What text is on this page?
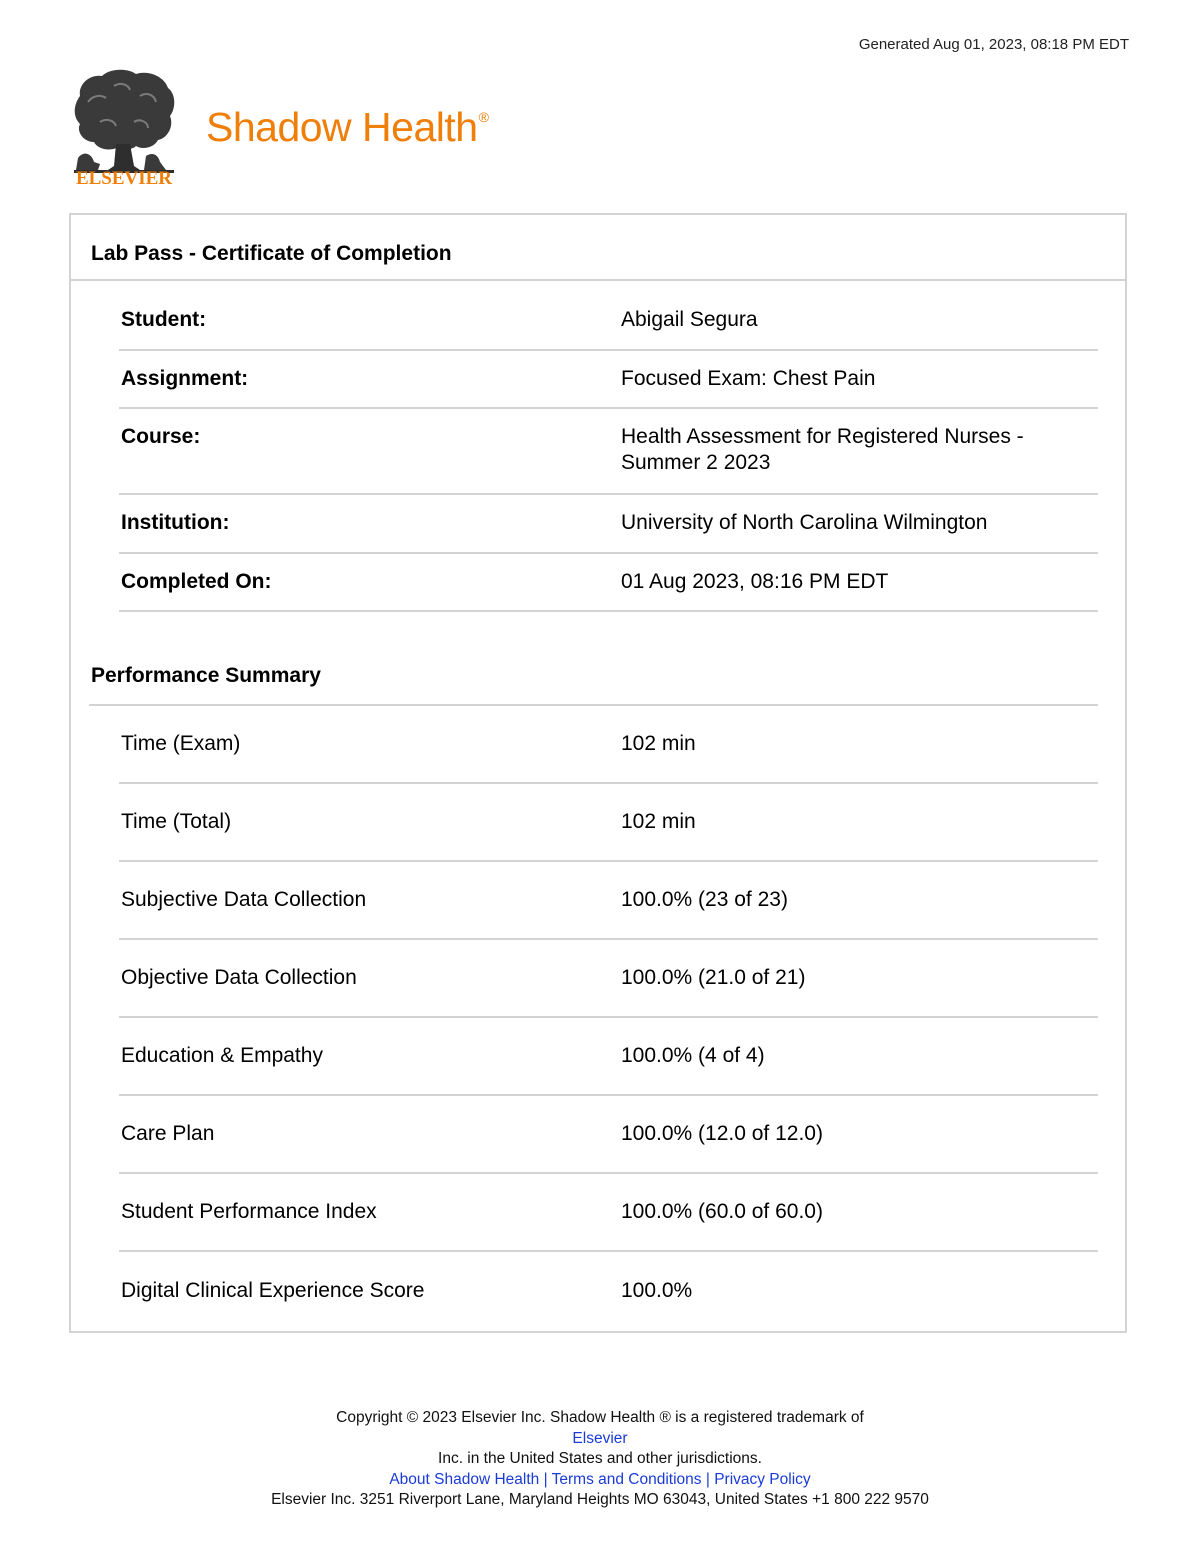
Generated Aug 01, 2023, 08:18 PM EDT
ELSEVIER
Shadow Health®
Lab Pass - Certificate of Completion
Student:	Abigail Segura
Assignment:	Focused Exam: Chest Pain
Course:	Health Assessment for Registered Nurses -
Summer 2 2023
Institution:	University of North Carolina Wilmington
Completed On:	01 Aug 2023, 08:16 PM EDT
Performance Summary
Time (Exam)	102 min
Time (Total)	102 min
Subjective Data Collection	100.0% (23 of 23)
Objective Data Collection	100.0% (21.0 of 21)
Education & Empathy	100.0% (4 of 4)
Care Plan	100.0% (12.0 of 12.0)
Student Performance Index	100.0% (60.0 of 60.0)
Digital Clinical Experience Score	100.0%
Copyright © 2023 Elsevier Inc. Shadow Health ® is a registered trademark of
Elsevier
Inc. in the United States and other jurisdictions.
About Shadow Health | Terms and Conditions | Privacy Policy
Elsevier Inc. 3251 Riverport Lane, Maryland Heights MO 63043, United States +1 800 222 9570
